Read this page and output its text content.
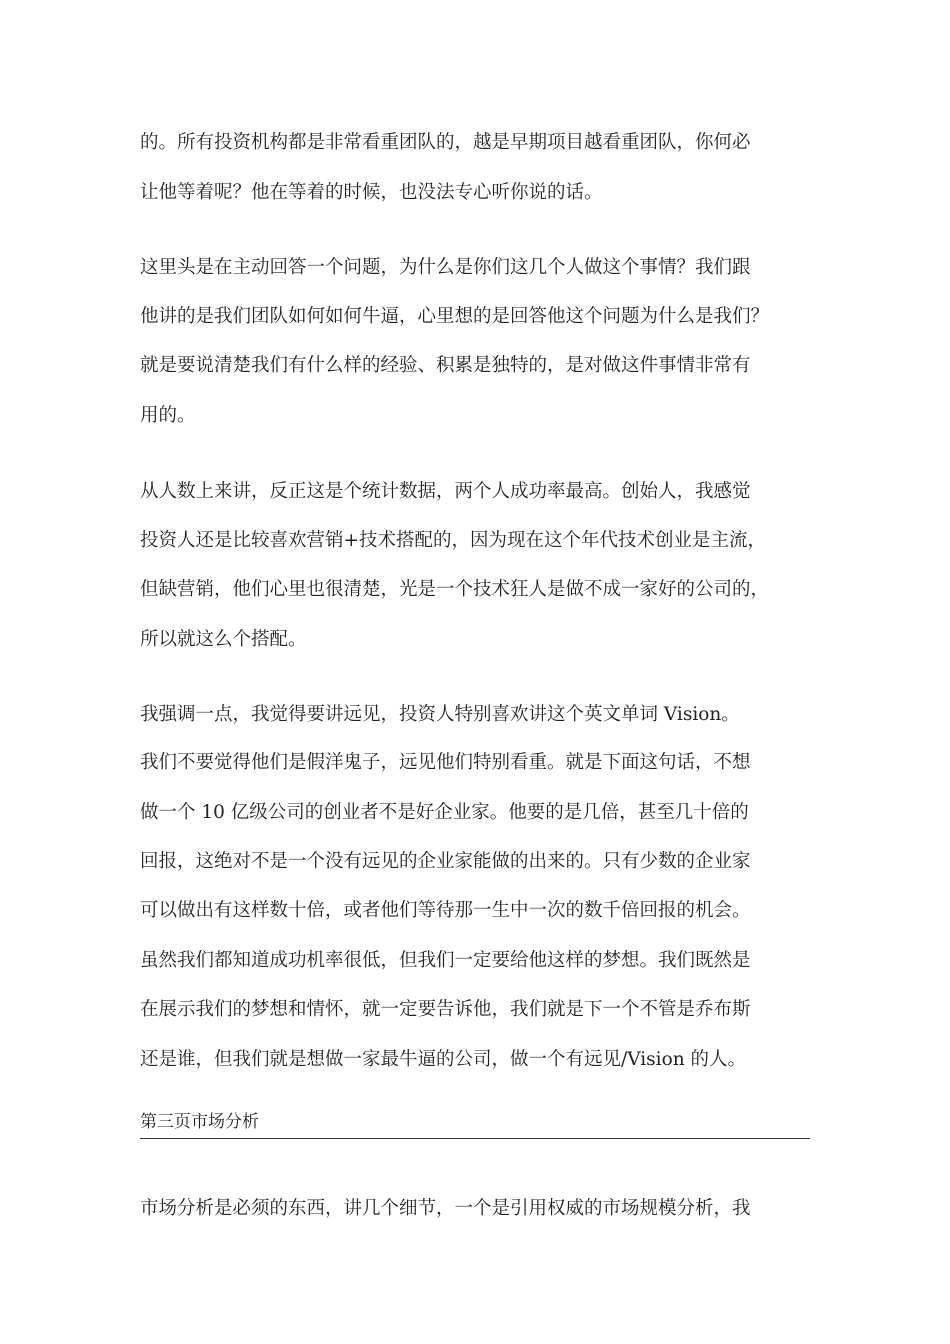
的。所有投资机构都是非常看重团队的，越是早期项目越看重团队，你何必
让他等着呢？他在等着的时候，也没法专心听你说的话。
这里头是在主动回答一个问题，为什么是你们这几个人做这个事情？我们跟
他讲的是我们团队如何如何牛逼，心里想的是回答他这个问题为什么是我们？
就是要说清楚我们有什么样的经验、积累是独特的，是对做这件事情非常有
用的。
从人数上来讲，反正这是个统计数据，两个人成功率最高。创始人，我感觉
投资人还是比较喜欢营销+技术搭配的，因为现在这个年代技术创业是主流，
但缺营销，他们心里也很清楚，光是一个技术狂人是做不成一家好的公司的，
所以就这么个搭配。
我强调一点，我觉得要讲远见，投资人特别喜欢讲这个英文单词 Vision。
我们不要觉得他们是假洋鬼子，远见他们特别看重。就是下面这句话，不想
做一个 10 亿级公司的创业者不是好企业家。他要的是几倍，甚至几十倍的
回报，这绝对不是一个没有远见的企业家能做的出来的。只有少数的企业家
可以做出有这样数十倍，或者他们等待那一生中一次的数千倍回报的机会。
虽然我们都知道成功机率很低，但我们一定要给他这样的梦想。我们既然是
在展示我们的梦想和情怀，就一定要告诉他，我们就是下一个不管是乔布斯
还是谁，但我们就是想做一家最牛逼的公司，做一个有远见/Vision 的人。
第三页市场分析
市场分析是必须的东西，讲几个细节，一个是引用权威的市场规模分析，我
